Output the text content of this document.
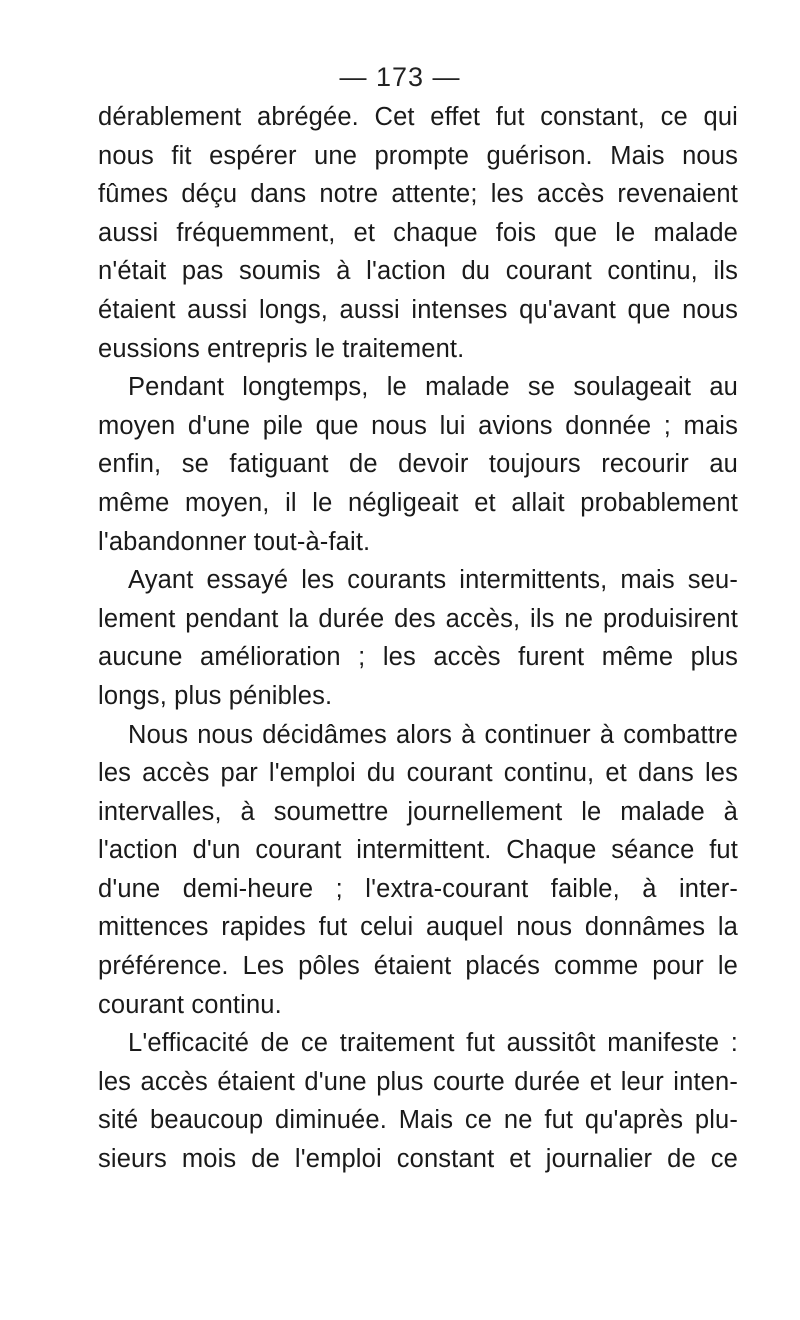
— 173 —
dérablement abrégée. Cet effet fut constant, ce qui
nous fit espérer une prompte guérison. Mais nous
fûmes déçu dans notre attente; les accès revenaient
aussi fréquemment, et chaque fois que le malade
n'était pas soumis à l'action du courant continu, ils
étaient aussi longs, aussi intenses qu'avant que nous
eussions entrepris le traitement.
Pendant longtemps, le malade se soulageait au
moyen d'une pile que nous lui avions donnée ; mais
enfin, se fatiguant de devoir toujours recourir au
même moyen, il le négligeait et allait probablement
l'abandonner tout-à-fait.
Ayant essayé les courants intermittents, mais seu-
lement pendant la durée des accès, ils ne produisirent
aucune amélioration ; les accès furent même plus
longs, plus pénibles.
Nous nous décidâmes alors à continuer à combattre
les accès par l'emploi du courant continu, et dans les
intervalles, à soumettre journellement le malade à
l'action d'un courant intermittent. Chaque séance fut
d'une demi-heure ; l'extra-courant faible, à inter-
mittences rapides fut celui auquel nous donnâmes la
préférence. Les pôles étaient placés comme pour le
courant continu.
L'efficacité de ce traitement fut aussitôt manifeste :
les accès étaient d'une plus courte durée et leur inten-
sité beaucoup diminuée. Mais ce ne fut qu'après plu-
sieurs mois de l'emploi constant et journalier de ce
